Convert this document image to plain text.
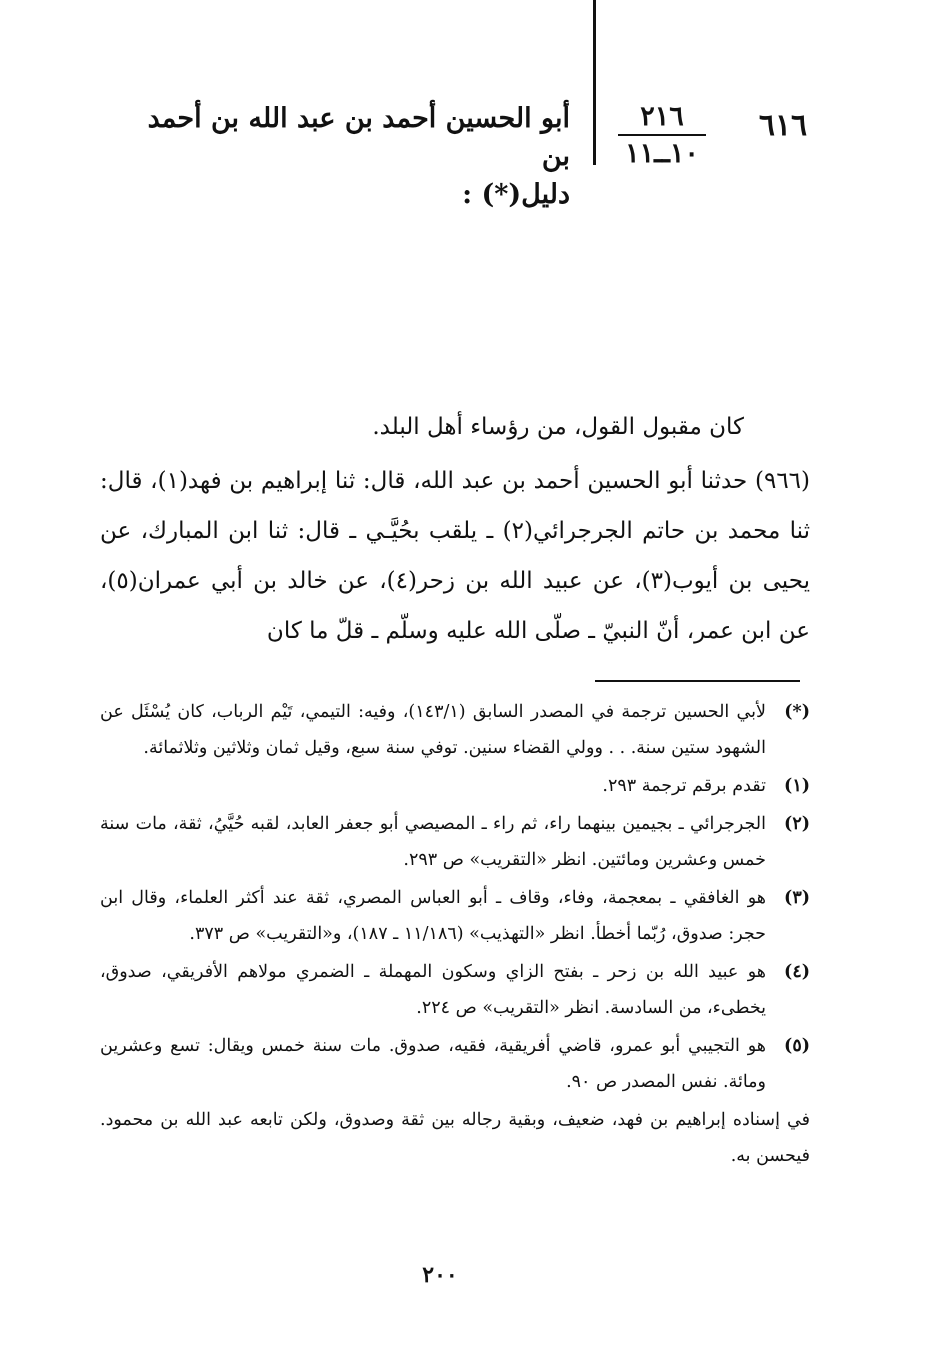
٦١٦
٢١٦
١٠ــ١١
أبو الحسين أحمد بن عبد الله بن أحمد بن
دليل(*) :

كان مقبول القول، من رؤساء أهل البلد.

(٩٦٦) حدثنا أبو الحسين أحمد بن عبد الله، قال: ثنا إبراهيم بن فهد(١)، قال: ثنا محمد بن حاتم الجرجرائي(٢) ـ يلقب بحُيَّـي ـ قال: ثنا ابن المبارك، عن يحيى بن أيوب(٣)، عن عبيد الله بن زحر(٤)، عن خالد بن أبي عمران(٥)، عن ابن عمر، أنّ النبيّ ـ صلّى الله عليه وسلّم ـ قلّ ما كان

(*)
لأبي الحسين ترجمة في المصدر السابق (١٤٣/١)، وفيه: التيمي، تَيْم الرباب، كان يُسْئَل عن الشهود ستين سنة. . . وولي القضاء سنين. توفي سنة سبع، وقيل ثمان وثلاثين وثلاثمائة.
(١)
تقدم برقم ترجمة ٢٩٣.
(٢)
الجرجرائي ـ بجيمين بينهما راء، ثم راء ـ المصيصي أبو جعفر العابد، لقبه حُيَّيُ، ثقة، مات سنة خمس وعشرين ومائتين. انظر «التقريب» ص ٢٩٣.
(٣)
هو الغافقي ـ بمعجمة، وفاء، وقاف ـ أبو العباس المصري، ثقة عند أكثر العلماء، وقال ابن حجر: صدوق، رُبّما أخطأ. انظر «التهذيب» (١١/١٨٦ ـ ١٨٧)، و«التقريب» ص ٣٧٣.
(٤)
هو عبيد الله بن زحر ـ بفتح الزاي وسكون المهملة ـ الضمري مولاهم الأفريقي، صدوق، يخطىء، من السادسة. انظر «التقريب» ص ٢٢٤.
(٥)
هو التجيبي أبو عمرو، قاضي أفريقية، فقيه، صدوق. مات سنة خمس ويقال: تسع وعشرين ومائة. نفس المصدر ص ٩٠.
في إسناده إبراهيم بن فهد، ضعيف، وبقية رجاله بين ثقة وصدوق، ولكن تابعه عبد الله بن محمود. فيحسن به.
٢٠٠
